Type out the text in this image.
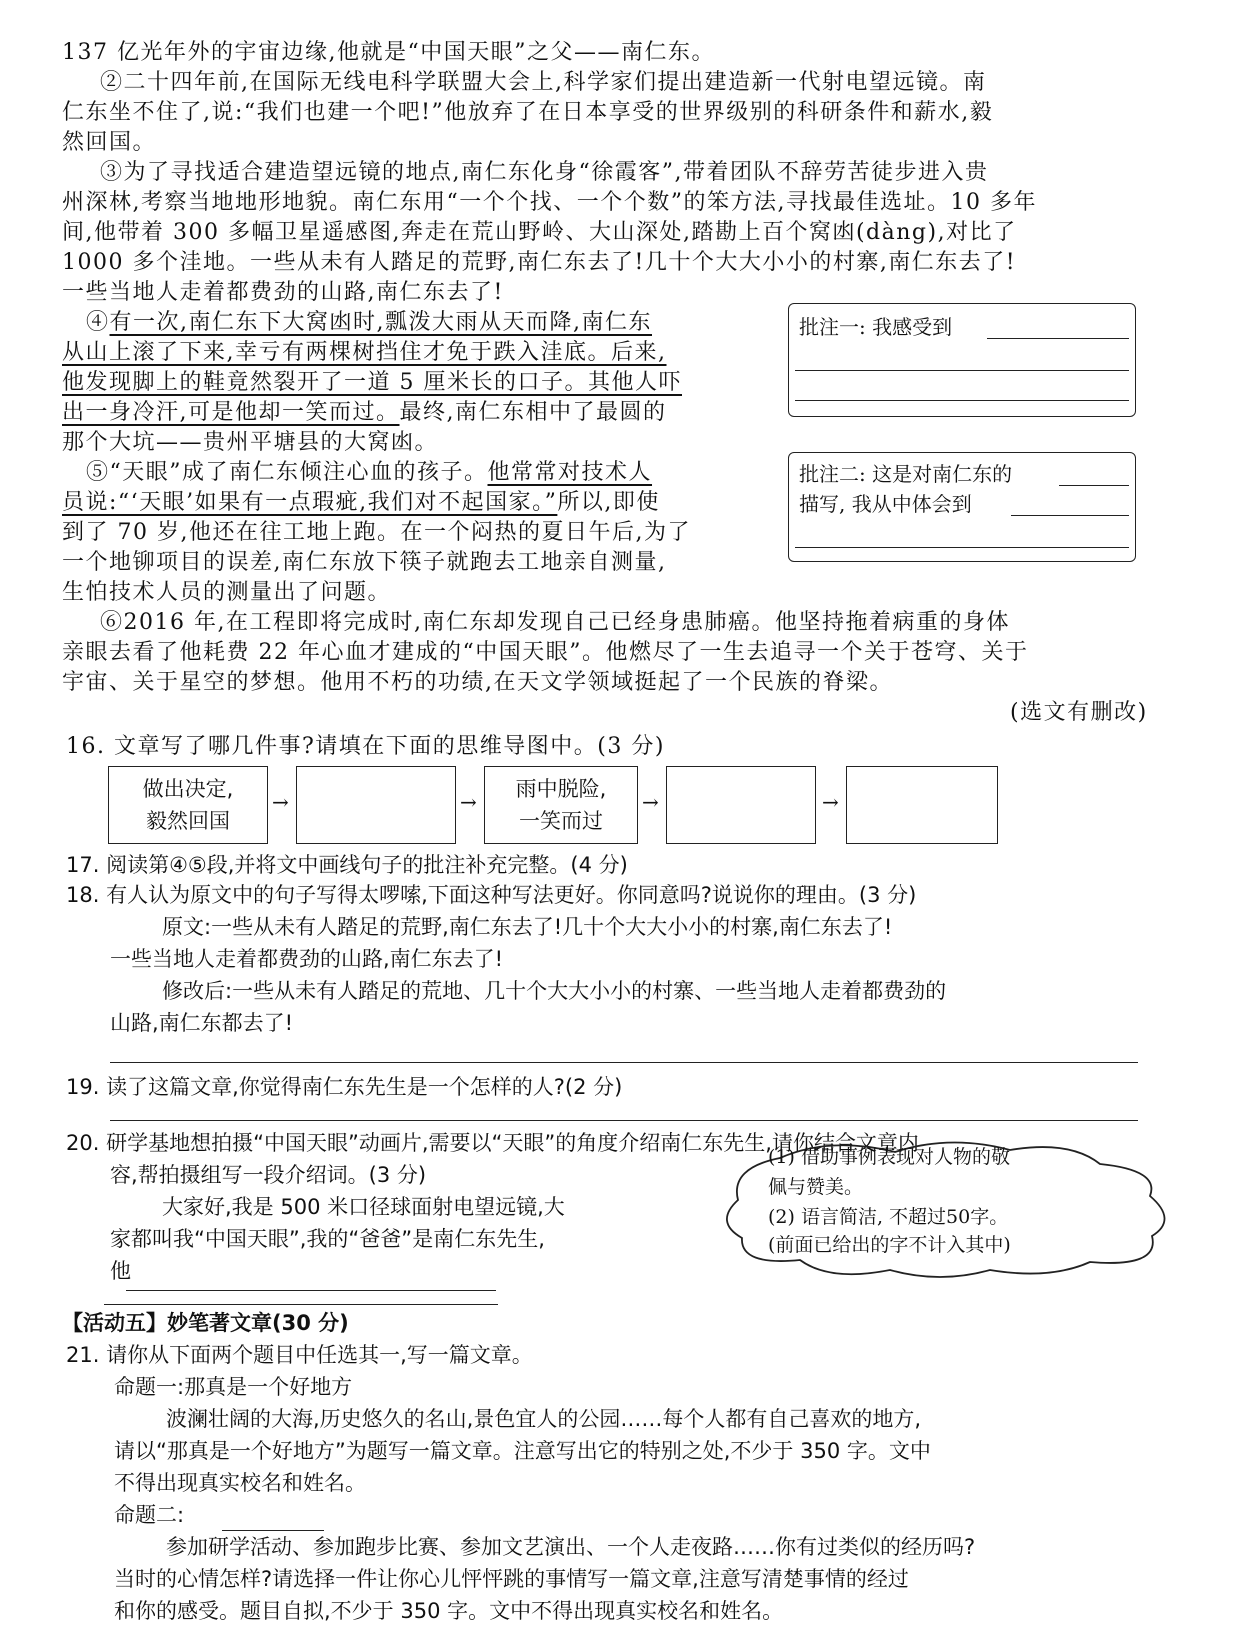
137 亿光年外的宇宙边缘,他就是“中国天眼”之父——南仁东。
②二十四年前,在国际无线电科学联盟大会上,科学家们提出建造新一代射电望远镜。南
仁东坐不住了,说:“我们也建一个吧!”他放弃了在日本享受的世界级别的科研条件和薪水,毅
然回国。
③为了寻找适合建造望远镜的地点,南仁东化身“徐霞客”,带着团队不辞劳苦徒步进入贵
州深林,考察当地地形地貌。南仁东用“一个个找、一个个数”的笨方法,寻找最佳选址。10 多年
间,他带着 300 多幅卫星遥感图,奔走在荒山野岭、大山深处,踏勘上百个窝凼(dàng),对比了
1000 多个洼地。一些从未有人踏足的荒野,南仁东去了!几十个大大小小的村寨,南仁东去了!
一些当地人走着都费劲的山路,南仁东去了!
④有一次,南仁东下大窝凼时,瓢泼大雨从天而降,南仁东
从山上滚了下来,幸亏有两棵树挡住才免于跌入洼底。后来,
他发现脚上的鞋竟然裂开了一道 5 厘米长的口子。其他人吓
出一身冷汗,可是他却一笑而过。最终,南仁东相中了最圆的
那个大坑——贵州平塘县的大窝凼。
⑤“天眼”成了南仁东倾注心血的孩子。他常常对技术人
员说:“‘天眼’如果有一点瑕疵,我们对不起国家。”所以,即使
到了 70 岁,他还在往工地上跑。在一个闷热的夏日午后,为了
一个地铆项目的误差,南仁东放下筷子就跑去工地亲自测量,
生怕技术人员的测量出了问题。
批注一: 我感受到
批注二: 这是对南仁东的
描写, 我从中体会到
⑥2016 年,在工程即将完成时,南仁东却发现自己已经身患肺癌。他坚持拖着病重的身体
亲眼去看了他耗费 22 年心血才建成的“中国天眼”。他燃尽了一生去追寻一个关于苍穹、关于
宇宙、关于星空的梦想。他用不朽的功绩,在天文学领域挺起了一个民族的脊梁。
(选文有删改)
16. 文章写了哪几件事?请填在下面的思维导图中。(3 分)
做出决定,
毅然回国
→	→
雨中脱险,
一笑而过
→	→

17. 阅读第④⑤段,并将文中画线句子的批注补充完整。(4 分)
18. 有人认为原文中的句子写得太啰嗦,下面这种写法更好。你同意吗?说说你的理由。(3 分)
原文:一些从未有人踏足的荒野,南仁东去了!几十个大大小小的村寨,南仁东去了!
一些当地人走着都费劲的山路,南仁东去了!
修改后:一些从未有人踏足的荒地、几十个大大小小的村寨、一些当地人走着都费劲的
山路,南仁东都去了!
19. 读了这篇文章,你觉得南仁东先生是一个怎样的人?(2 分)
20. 研学基地想拍摄“中国天眼”动画片,需要以“天眼”的角度介绍南仁东先生,请你结合文章内
容,帮拍摄组写一段介绍词。(3 分)
大家好,我是 500 米口径球面射电望远镜,大
家都叫我“中国天眼”,我的“爸爸”是南仁东先生,
他
(1) 借助事例表现对人物的敬
佩与赞美。
(2) 语言简洁, 不超过50字。
(前面已给出的字不计入其中)
【活动五】妙笔著文章(30 分)
21. 请你从下面两个题目中任选其一,写一篇文章。
命题一:那真是一个好地方
波澜壮阔的大海,历史悠久的名山,景色宜人的公园……每个人都有自己喜欢的地方,
请以“那真是一个好地方”为题写一篇文章。注意写出它的特别之处,不少于 350 字。文中
不得出现真实校名和姓名。
命题二:
参加研学活动、参加跑步比赛、参加文艺演出、一个人走夜路……你有过类似的经历吗?
当时的心情怎样?请选择一件让你心儿怦怦跳的事情写一篇文章,注意写清楚事情的经过
和你的感受。题目自拟,不少于 350 字。文中不得出现真实校名和姓名。
